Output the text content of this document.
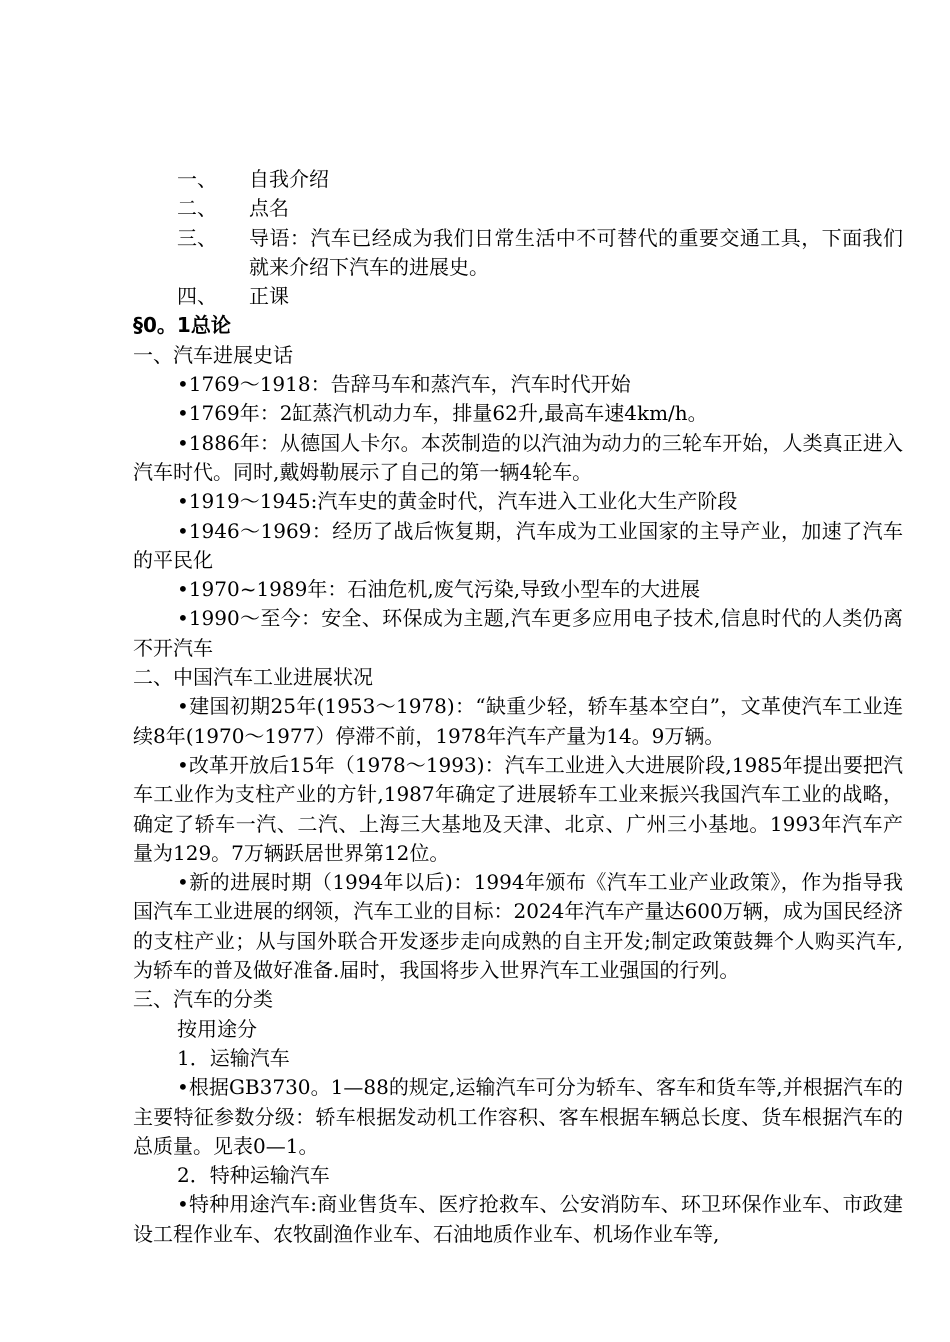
一、	自我介绍
二、	点名
三、	导语：汽车已经成为我们日常生活中不可替代的重要交通工具，下面我们就来介绍下汽车的进展史。
四、	正课
§0。1总论
一、汽车进展史话
•1769～1918：告辞马车和蒸汽车，汽车时代开始
•1769年：2缸蒸汽机动力车，排量62升,最高车速4km/h。
•1886年：从德国人卡尔。本茨制造的以汽油为动力的三轮车开始，人类真正进入汽车时代。同时,戴姆勒展示了自己的第一辆4轮车。
•1919～1945:汽车史的黄金时代，汽车进入工业化大生产阶段
•1946～1969：经历了战后恢复期，汽车成为工业国家的主导产业，加速了汽车的平民化
•1970~1989年：石油危机,废气污染,导致小型车的大进展
•1990～至今：安全、环保成为主题,汽车更多应用电子技术,信息时代的人类仍离不开汽车
二、中国汽车工业进展状况
•建国初期25年(1953～1978)：“缺重少轻，轿车基本空白”，文革使汽车工业连续8年(1970～1977）停滞不前，1978年汽车产量为14。9万辆。
•改革开放后15年（1978～1993)：汽车工业进入大进展阶段,1985年提出要把汽车工业作为支柱产业的方针,1987年确定了进展轿车工业来振兴我国汽车工业的战略，确定了轿车一汽、二汽、上海三大基地及天津、北京、广州三小基地。1993年汽车产量为129。7万辆跃居世界第12位。
•新的进展时期（1994年以后)：1994年颁布《汽车工业产业政策》，作为指导我国汽车工业进展的纲领，汽车工业的目标：2024年汽车产量达600万辆，成为国民经济的支柱产业；从与国外联合开发逐步走向成熟的自主开发;制定政策鼓舞个人购买汽车,为轿车的普及做好准备.届时，我国将步入世界汽车工业强国的行列。
三、汽车的分类
按用途分
1．运输汽车
•根据GB3730。1—88的规定,运输汽车可分为轿车、客车和货车等,并根据汽车的主要特征参数分级：轿车根据发动机工作容积、客车根据车辆总长度、货车根据汽车的总质量。见表0—1。
2．特种运输汽车
•特种用途汽车:商业售货车、医疗抢救车、公安消防车、环卫环保作业车、市政建设工程作业车、农牧副渔作业车、石油地质作业车、机场作业车等,
